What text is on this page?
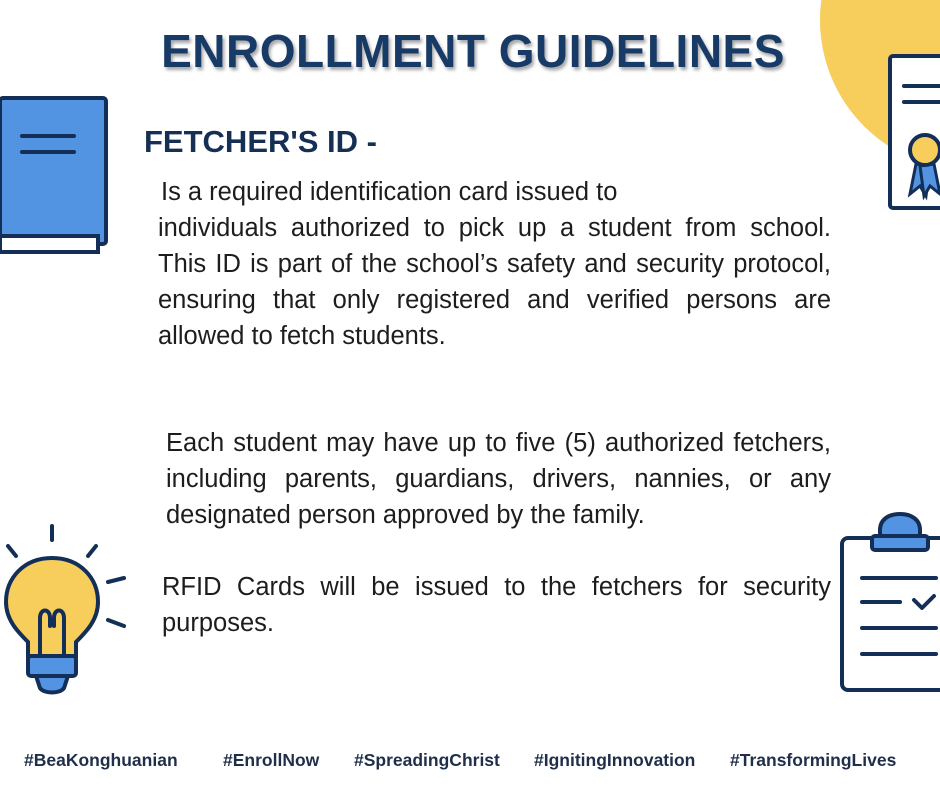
ENROLLMENT GUIDELINES
FETCHER'S ID -
Is a required identification card issued to
individuals authorized to pick up a student from school. This ID is part of the school’s safety and security protocol, ensuring that only registered and verified persons are allowed to fetch students.
Each student may have up to five (5) authorized fetchers, including parents, guardians, drivers, nannies, or any designated person approved by the family.
RFID Cards will be issued to the fetchers for security purposes.
#BeaKonghuanian	#EnrollNow #SpreadingChrist #IgnitingInnovation #TransformingLives
